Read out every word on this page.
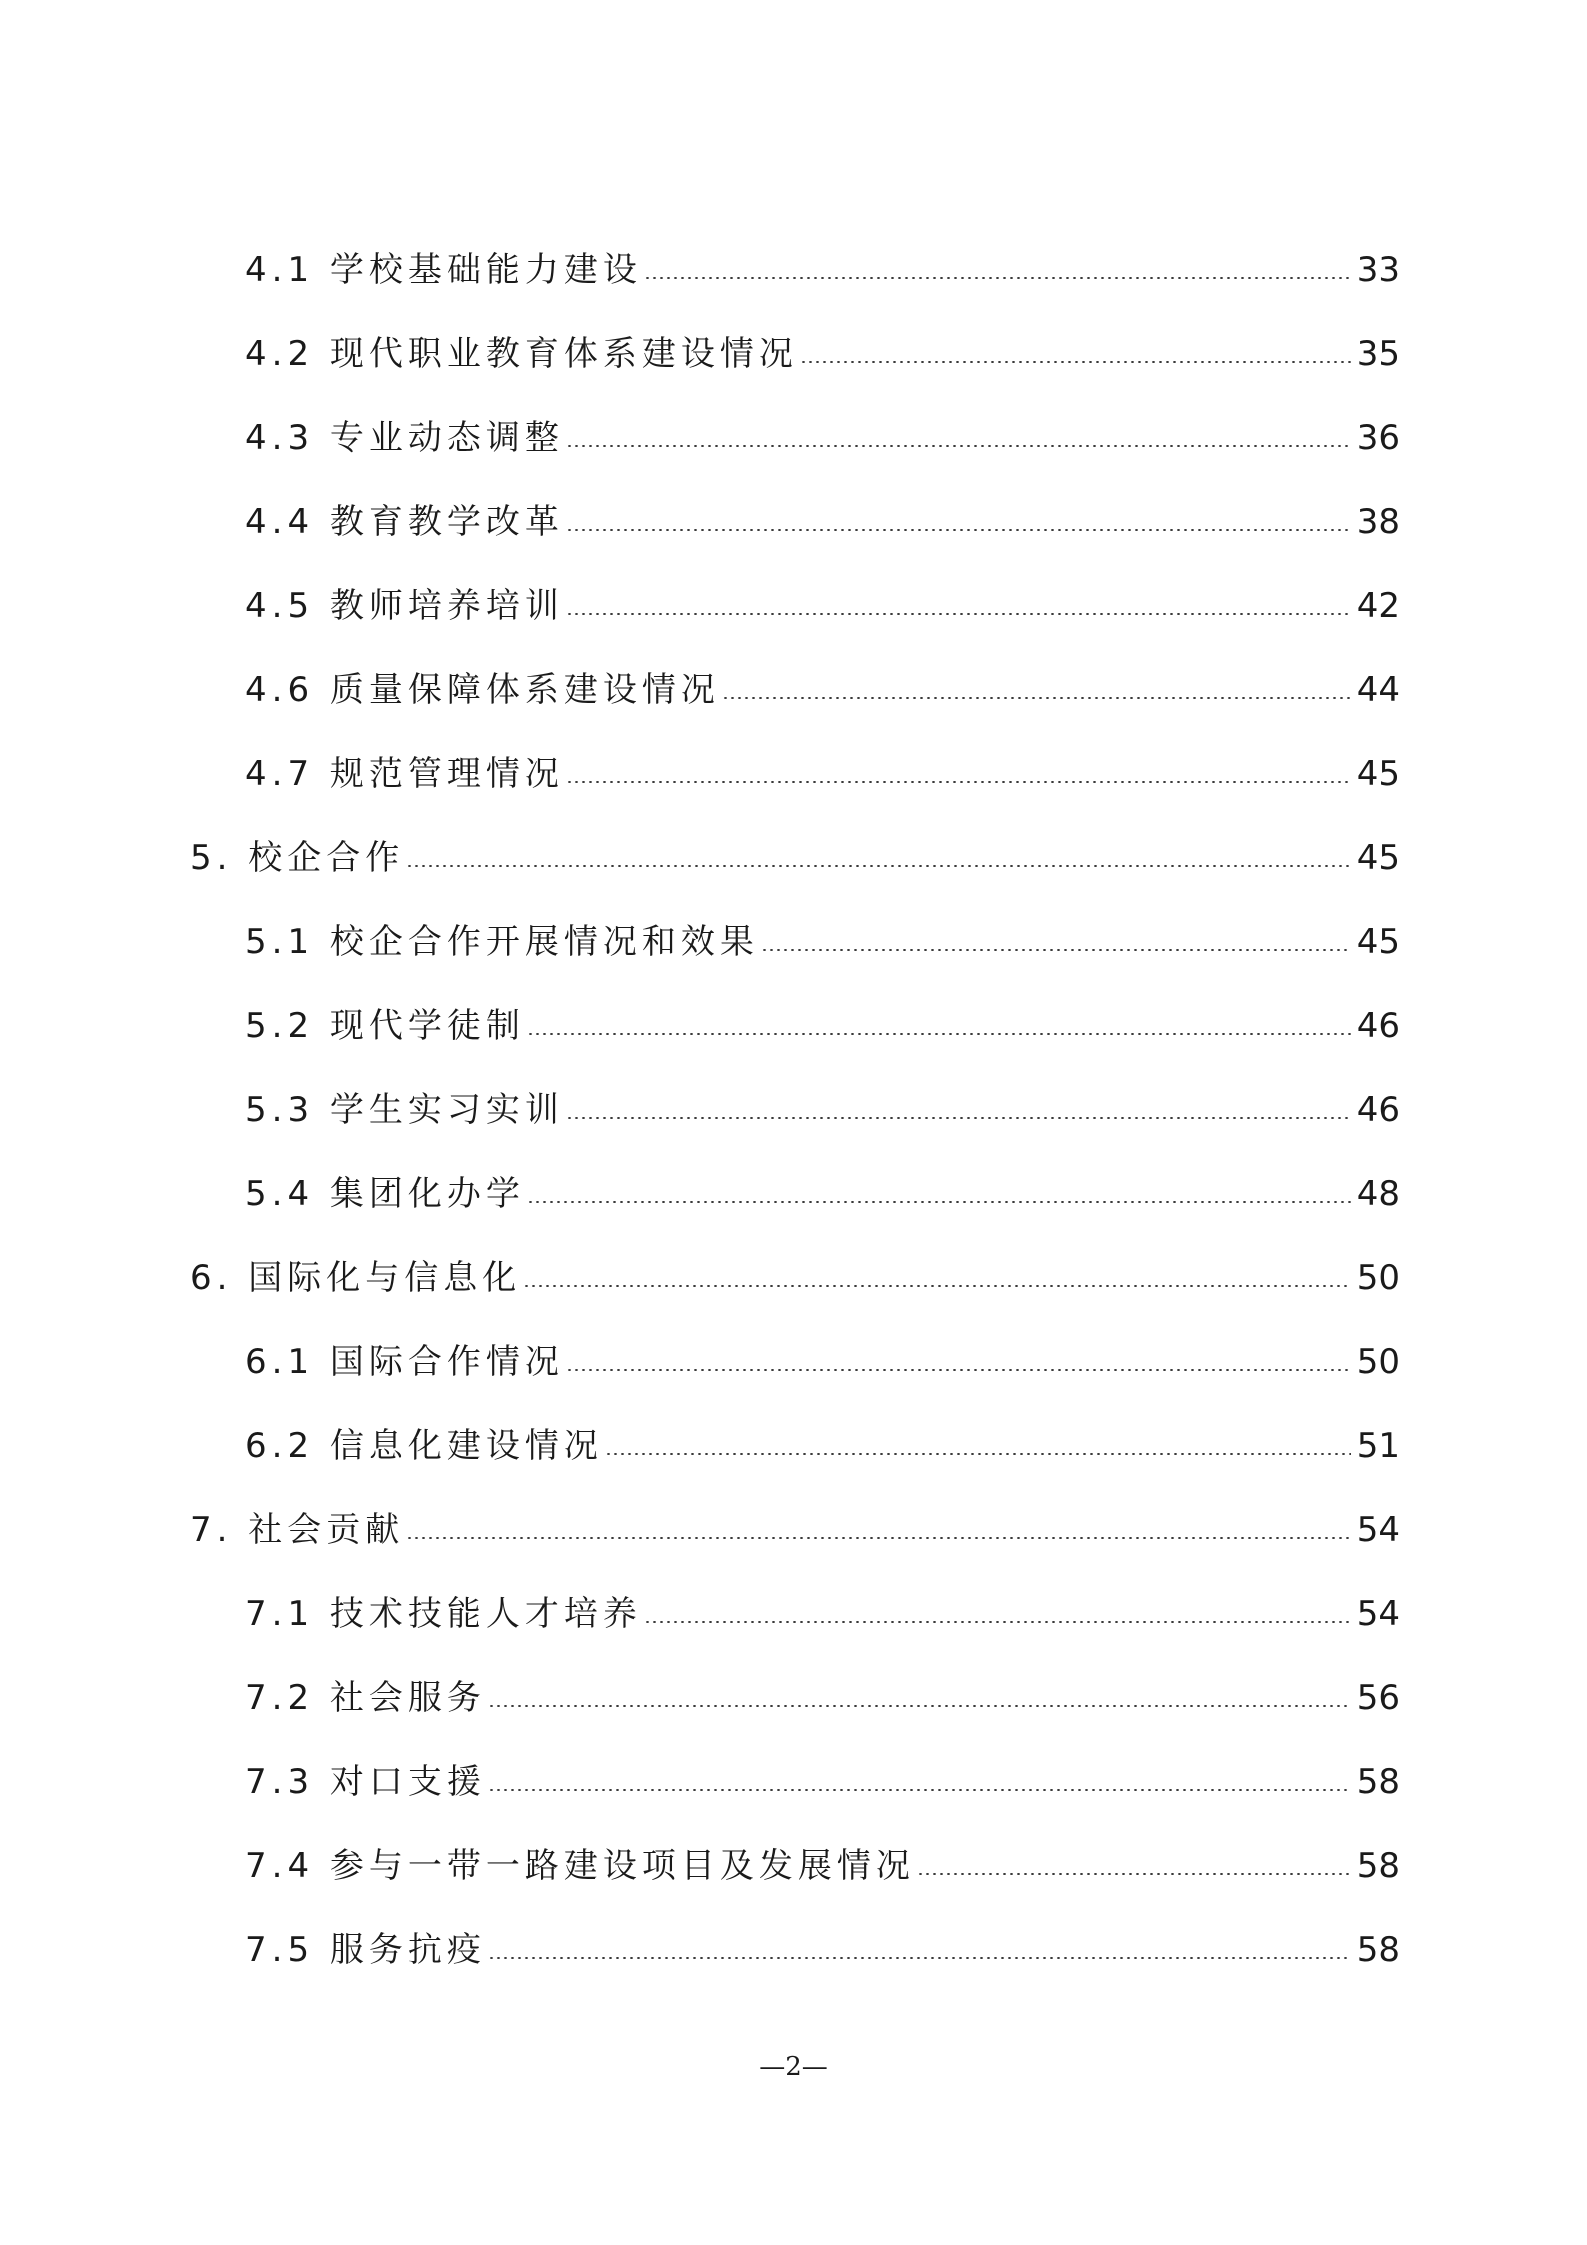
4.1 学校基础能力建设	33
4.2 现代职业教育体系建设情况	35
4.3 专业动态调整	36
4.4 教育教学改革	38
4.5 教师培养培训	42
4.6 质量保障体系建设情况	44
4.7 规范管理情况	45
5. 校企合作	45
5.1 校企合作开展情况和效果	45
5.2 现代学徒制	46
5.3 学生实习实训	46
5.4 集团化办学	48
6. 国际化与信息化	50
6.1 国际合作情况	50
6.2 信息化建设情况	51
7. 社会贡献	54
7.1 技术技能人才培养	54
7.2 社会服务	56
7.3 对口支援	58
7.4 参与一带一路建设项目及发展情况	58
7.5 服务抗疫	58
—2—
